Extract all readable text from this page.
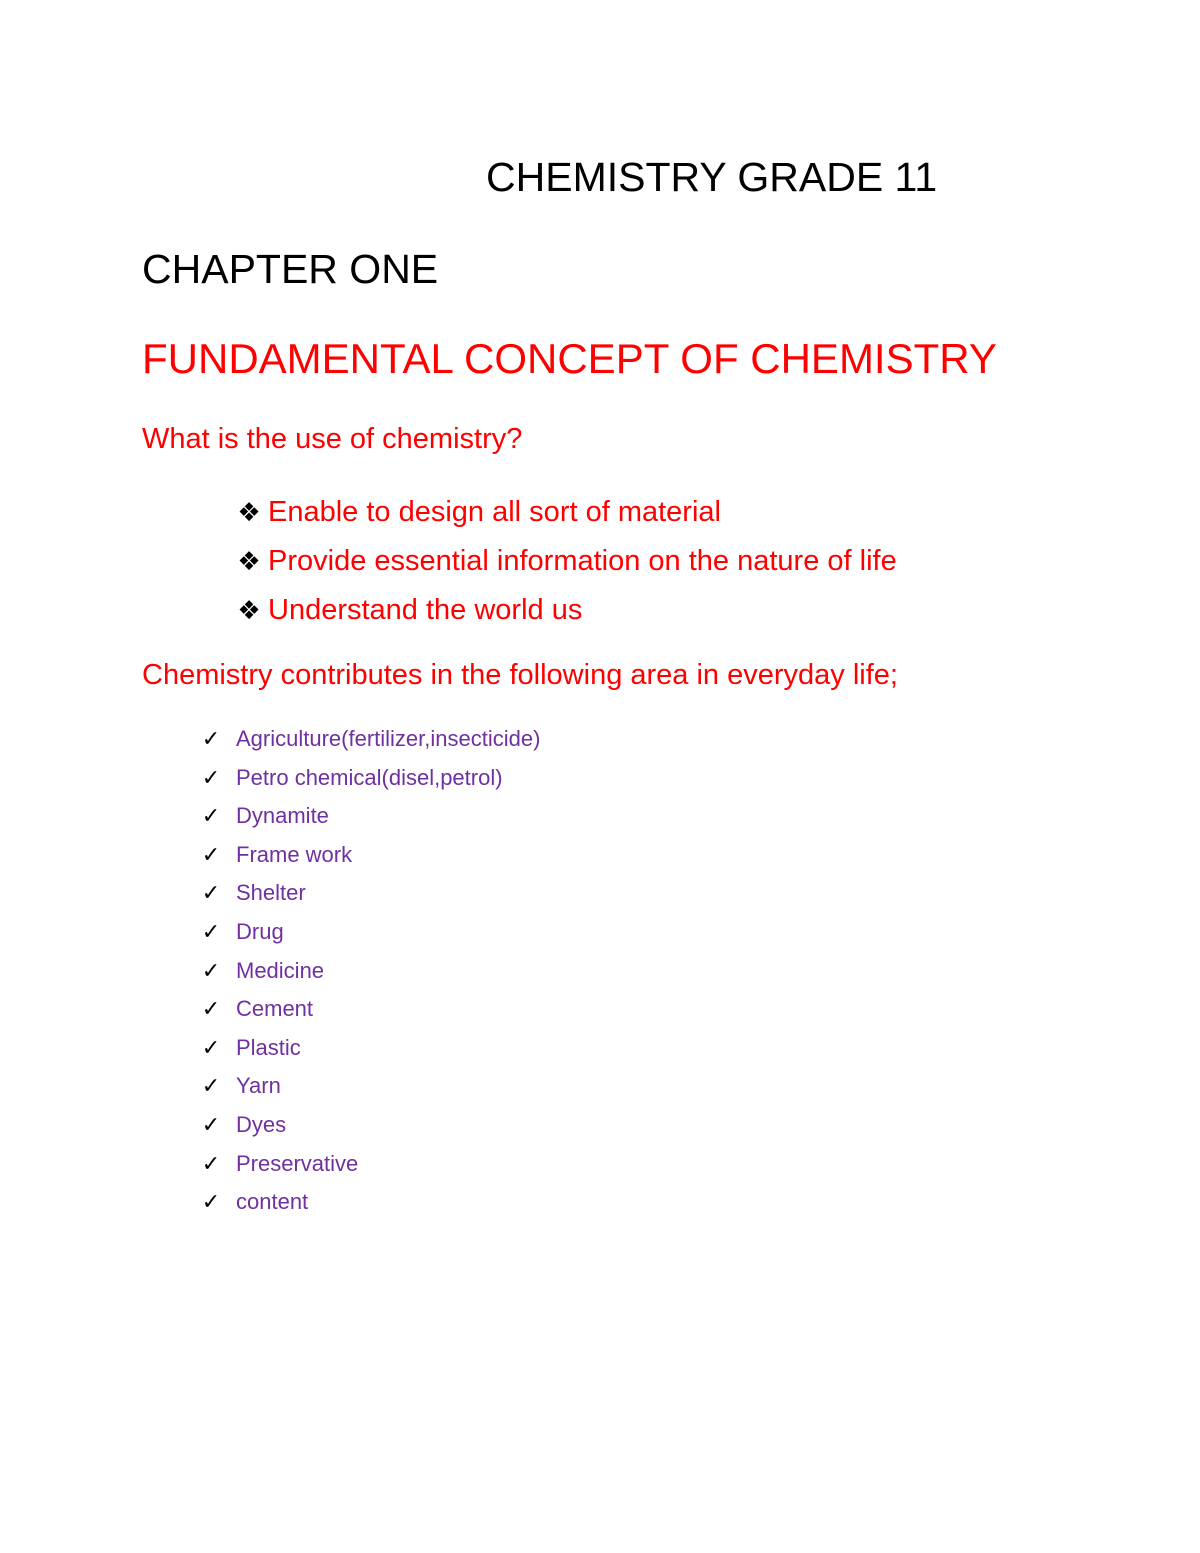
CHEMISTRY GRADE 11
CHAPTER ONE
FUNDAMENTAL CONCEPT OF CHEMISTRY
What is the use of chemistry?
❖ Enable to design all sort of material
❖ Provide essential information on the nature of life
❖ Understand the world us
Chemistry contributes in the following area in everyday life;
✓ Agriculture(fertilizer,insecticide)
✓ Petro chemical(disel,petrol)
✓ Dynamite
✓ Frame work
✓ Shelter
✓ Drug
✓ Medicine
✓ Cement
✓ Plastic
✓ Yarn
✓ Dyes
✓ Preservative
✓ content
